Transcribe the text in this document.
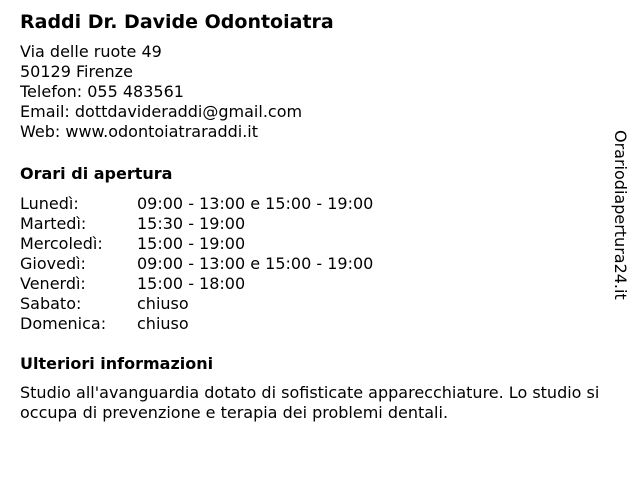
Raddi Dr. Davide Odontoiatra
Via delle ruote 49
50129 Firenze
Telefon: 055 483561
Email: dottdavideraddi@gmail.com
Web: www.odontoiatraraddi.it
Orari di apertura
Lunedì:	09:00 - 13:00 e 15:00 - 19:00
Martedì:	15:30 - 19:00
Mercoledì:	15:00 - 19:00
Giovedì:	09:00 - 13:00 e 15:00 - 19:00
Venerdì:	15:00 - 18:00
Sabato:	chiuso
Domenica:	chiuso
Ulteriori informazioni
Studio all'avanguardia dotato di sofisticate apparecchiature. Lo studio si occupa di prevenzione e terapia dei problemi dentali.
Orariodiapertura24.it
